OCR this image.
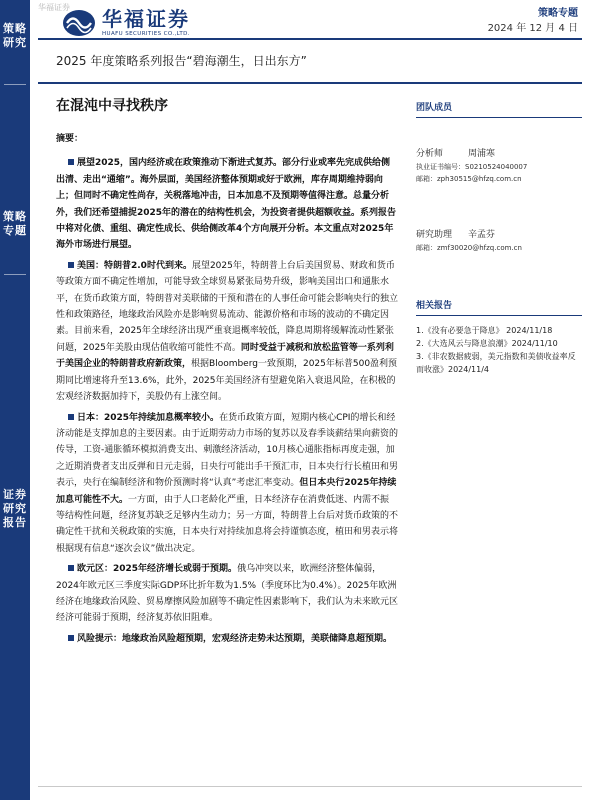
策略研究
策略专题
证券研究报告
华福证券 华福证券
HUAFU SECURITIES CO.,LTD.
策略专题
2024 年 12 月 4 日
2025 年度策略系列报告“碧海潮生，日出东方”
在混沌中寻找秩序
摘要：

展望2025，国内经济或在政策推动下渐进式复苏。部分行业或率先完成供给侧出清、走出“通缩”。海外层面，美国经济整体预期或好于欧洲，库存周期维持弱向上；但同时不确定性尚存，关税落地冲击，日本加息不及预期等值得注意。总量分析外，我们还希望捕捉2025年的潜在的结构性机会，为投资者提供超额收益。系列报告中将对化债、重组、确定性成长、供给侧改革4个方向展开分析。本文重点对2025年海外市场进行展望。

美国：特朗普2.0时代到来。展望2025年，特朗普上台后美国贸易、财政和货币等政策方面不确定性增加，可能导致全球贸易紧张局势升级，影响美国出口和通胀水平，在货币政策方面，特朗普对美联储的干预和潜在的人事任命可能会影响央行的独立性和政策路径，地缘政治风险亦是影响贸易流动、能源价格和市场的波动的不确定因素。目前来看，2025年全球经济出现严重衰退概率较低，降息周期将缓解流动性紧张问题，2025年美股由现估值收缩可能性不高。同时受益于减税和放松监管等一系列利于美国企业的特朗普政府新政策，根据Bloomberg一致预期，2025年标普500盈利预期同比增速将升至13.6%，此外，2025年美国经济有望避免陷入衰退风险，在积极的宏观经济数据加持下，美股仍有上涨空间。

日本：2025年持续加息概率较小。在货币政策方面，短期内核心CPI的增长和经济动能是支撑加息的主要因素。由于近期劳动力市场的复苏以及春季谈薪结果向薪资的传导，工资-通胀循环模拟消费支出、刺激经济活动，10月核心通胀指标再度走强，加之近期消费者支出反弹和日元走弱，日央行可能出手干预汇市，日本央行行长植田和男表示，央行在编制经济和物价预测时将“认真”考虑汇率变动。但日本央行2025年持续加息可能性不大。一方面，由于人口老龄化严重，日本经济存在消费低迷、内需不振等结构性问题，经济复苏缺乏足够内生动力；另一方面，特朗普上台后对货币政策的不确定性干扰和关税政策的实施，日本央行对持续加息将会持谨慎态度，植田和男表示将根据现有信息“逐次会议”做出决定。

欧元区：2025年经济增长或弱于预期。俄乌冲突以来，欧洲经济整体偏弱，2024年欧元区三季度实际GDP环比折年数为1.5%（季度环比为0.4%）。2025年欧洲经济在地缘政治风险、贸易摩擦风险加剧等不确定性因素影响下，我们认为未来欧元区经济可能弱于预期，经济复苏依旧阻难。

风险提示：地缘政治风险超预期，宏观经济走势未达预期，美联储降息超预期。

团队成员
分析师	周浦寒
执业证书编号：S0210524040007
邮箱：zph30515@hfzq.com.cn
研究助理 辛孟芬
邮箱：zmf30020@hfzq.com.cn
相关报告
1.《没有必要急于降息》 2024/11/18
2.《大选风云与降息浪潮》2024/11/10
3.《非农数据疲弱，美元指数和美债收益率反而收涨》2024/11/4
